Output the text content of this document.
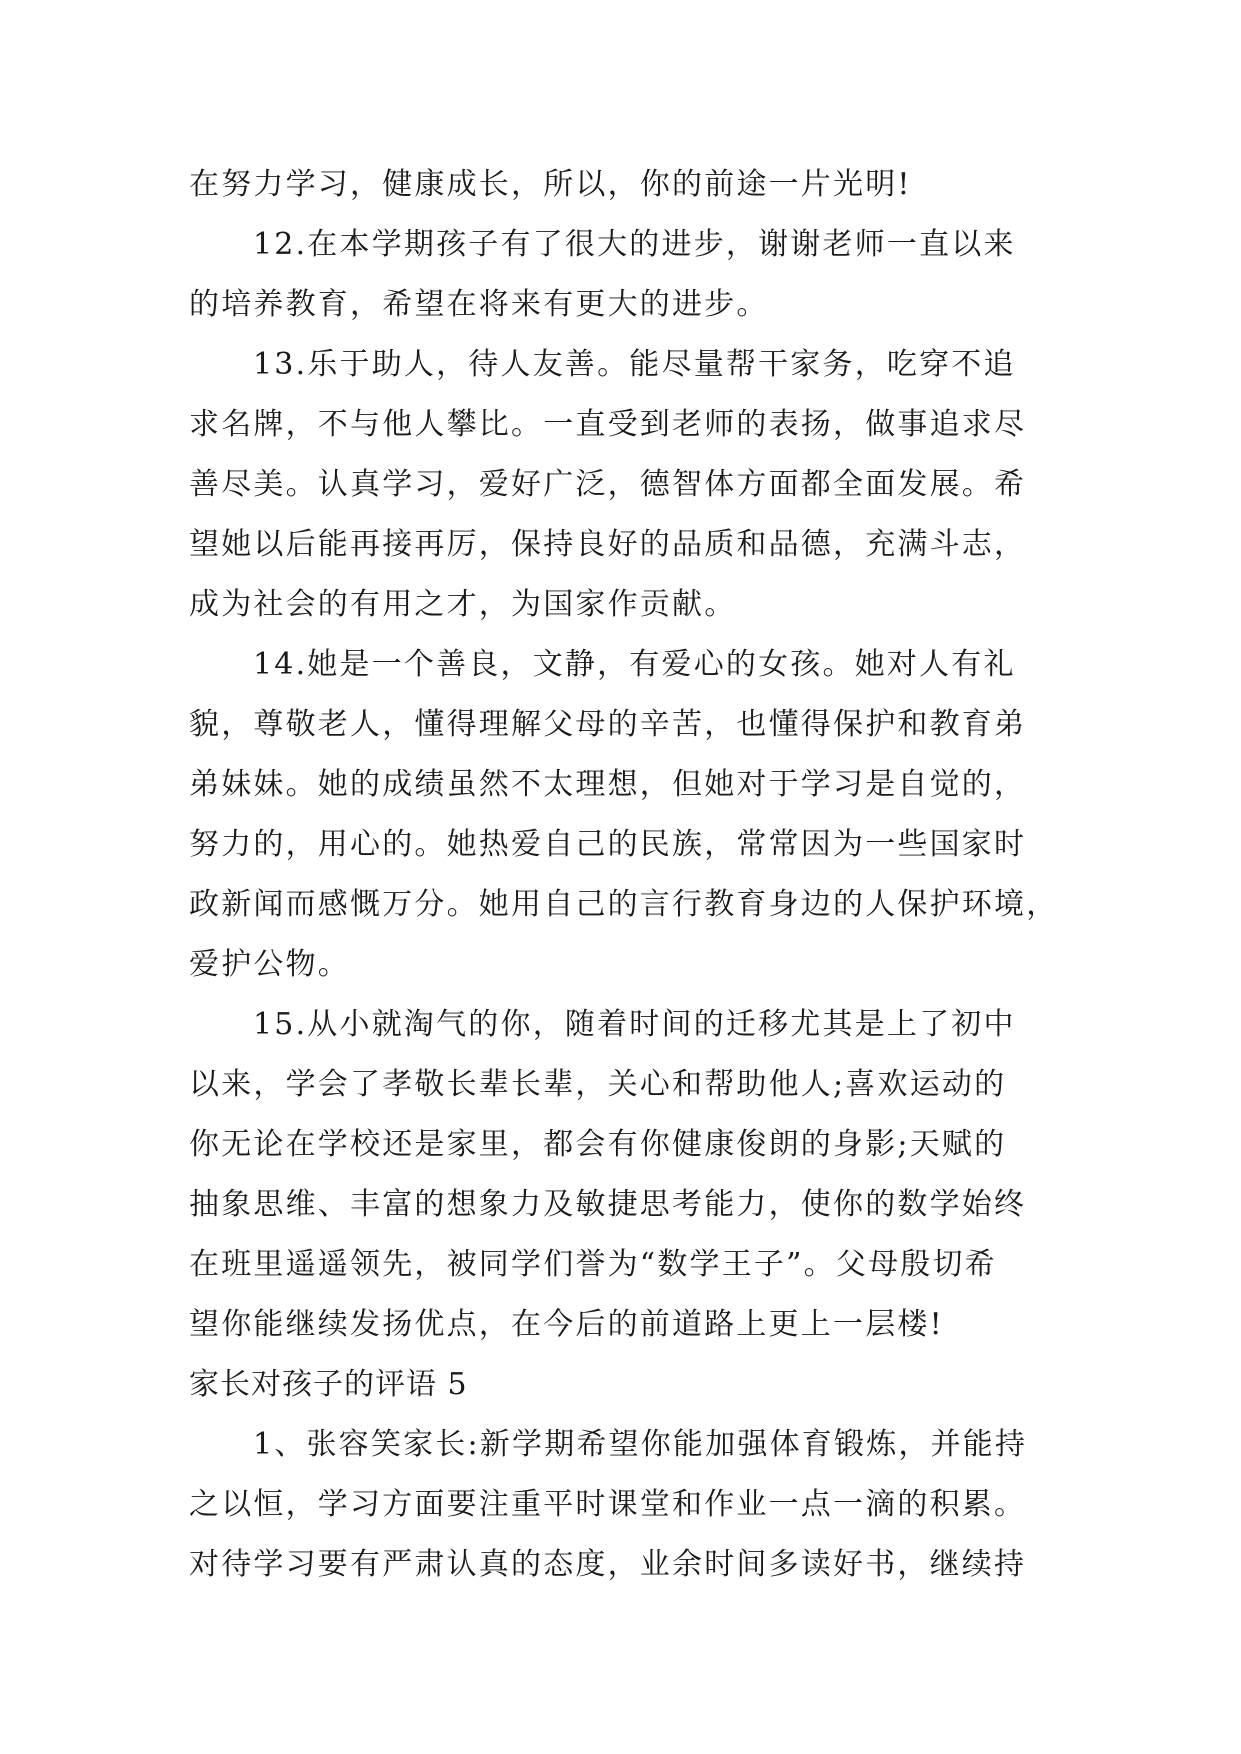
在努力学习，健康成长，所以，你的前途一片光明!

12.在本学期孩子有了很大的进步，谢谢老师一直以来

的培养教育，希望在将来有更大的进步。

13.乐于助人，待人友善。能尽量帮干家务，吃穿不追

求名牌，不与他人攀比。一直受到老师的表扬，做事追求尽

善尽美。认真学习，爱好广泛，德智体方面都全面发展。希

望她以后能再接再厉，保持良好的品质和品德，充满斗志，

成为社会的有用之才，为国家作贡献。

14.她是一个善良，文静，有爱心的女孩。她对人有礼

貌，尊敬老人，懂得理解父母的辛苦，也懂得保护和教育弟

弟妹妹。她的成绩虽然不太理想，但她对于学习是自觉的，

努力的，用心的。她热爱自己的民族，常常因为一些国家时

政新闻而感慨万分。她用自己的言行教育身边的人保护环境，

爱护公物。

15.从小就淘气的你，随着时间的迁移尤其是上了初中

以来，学会了孝敬长辈长辈，关心和帮助他人;喜欢运动的

你无论在学校还是家里，都会有你健康俊朗的身影;天赋的

抽象思维、丰富的想象力及敏捷思考能力，使你的数学始终

在班里遥遥领先，被同学们誉为“数学王子”。父母殷切希

望你能继续发扬优点，在今后的前道路上更上一层楼!

家长对孩子的评语 5

1、张容笑家长:新学期希望你能加强体育锻炼，并能持

之以恒，学习方面要注重平时课堂和作业一点一滴的积累。

对待学习要有严肃认真的态度，业余时间多读好书，继续持
